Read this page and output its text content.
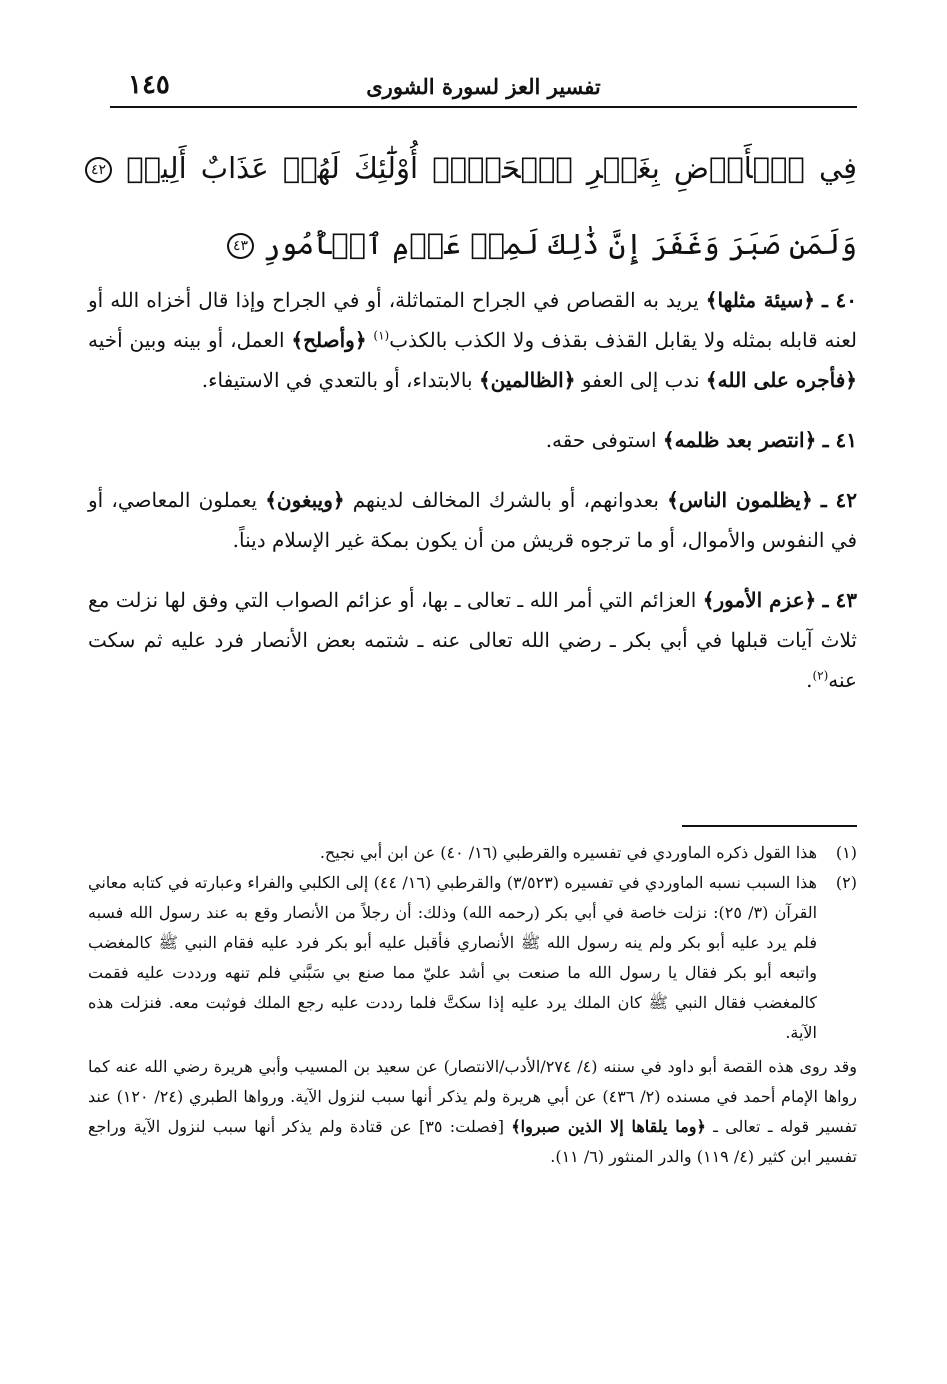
تفسير العز لسورة الشورى
١٤٥
فِي ٱلۡأَرۡضِ بِغَيۡرِ ٱلۡحَقِّۚ أُوْلَٰٓئِكَ لَهُمۡ عَذَابٌ أَلِيمٞ ٤٢ وَلَمَن صَبَرَ وَغَفَرَ إِنَّ ذَٰلِكَ لَمِنۡ عَزۡمِ ٱلۡأُمُورِ ٤٣

٤٠ ـ ﴿سيئة مثلها﴾ يريد به القصاص في الجراح المتماثلة، أو في الجراح وإذا قال أخزاه الله أو لعنه قابله بمثله ولا يقابل القذف بقذف ولا الكذب بالكذب$^{(١)}$ ﴿وأصلح﴾ العمل، أو بينه وبين أخيه ﴿فأجره على الله﴾ ندب إلى العفو ﴿الظالمين﴾ بالابتداء، أو بالتعدي في الاستيفاء.

٤١ ـ ﴿انتصر بعد ظلمه﴾ استوفى حقه.

٤٢ ـ ﴿يظلمون الناس﴾ بعدوانهم، أو بالشرك المخالف لدينهم ﴿ويبغون﴾ يعملون المعاصي، أو في النفوس والأموال، أو ما ترجوه قريش من أن يكون بمكة غير الإسلام ديناً.

٤٣ ـ ﴿عزم الأمور﴾ العزائم التي أمر الله ـ تعالى ـ بها، أو عزائم الصواب التي وفق لها نزلت مع ثلاث آيات قبلها في أبي بكر ـ رضي الله تعالى عنه ـ شتمه بعض الأنصار فرد عليه ثم سكت عنه$^{(٢)}$.

(١)
هذا القول ذكره الماوردي في تفسيره والقرطبي (١٦/ ٤٠) عن ابن أبي نجيح.
(٢)
هذا السبب نسبه الماوردي في تفسيره (٣/٥٢٣) والقرطبي (١٦/ ٤٤) إلى الكلبي والفراء وعبارته في كتابه معاني القرآن (٣/ ٢٥): نزلت خاصة في أبي بكر (رحمه الله) وذلك: أن رجلاً من الأنصار وقع به عند رسول الله فسبه فلم يرد عليه أبو بكر ولم ينه رسول الله ﷺ الأنصاري فأقبل عليه أبو بكر فرد عليه فقام النبي ﷺ كالمغضب واتبعه أبو بكر فقال يا رسول الله ما صنعت بي أشد عليّ مما صنع بي سَبَّني فلم تنهه ورددت عليه فقمت كالمغضب فقال النبي ﷺ كان الملك يرد عليه إذا سكتَّ فلما رددت عليه رجع الملك فوثبت معه. فنزلت هذه الآية.
وقد روى هذه القصة أبو داود في سننه (٤/ ٢٧٤/الأدب/الانتصار) عن سعيد بن المسيب وأبي هريرة رضي الله عنه كما رواها الإمام أحمد في مسنده (٢/ ٤٣٦) عن أبي هريرة ولم يذكر أنها سبب لنزول الآية. ورواها الطبري (٢٤/ ١٢٠) عند تفسير قوله ـ تعالى ـ ﴿وما يلقاها إلا الذين صبروا﴾ [فصلت: ٣٥] عن قتادة ولم يذكر أنها سبب لنزول الآية وراجع تفسير ابن كثير (٤/ ١١٩) والدر المنثور (٦/ ١١).
